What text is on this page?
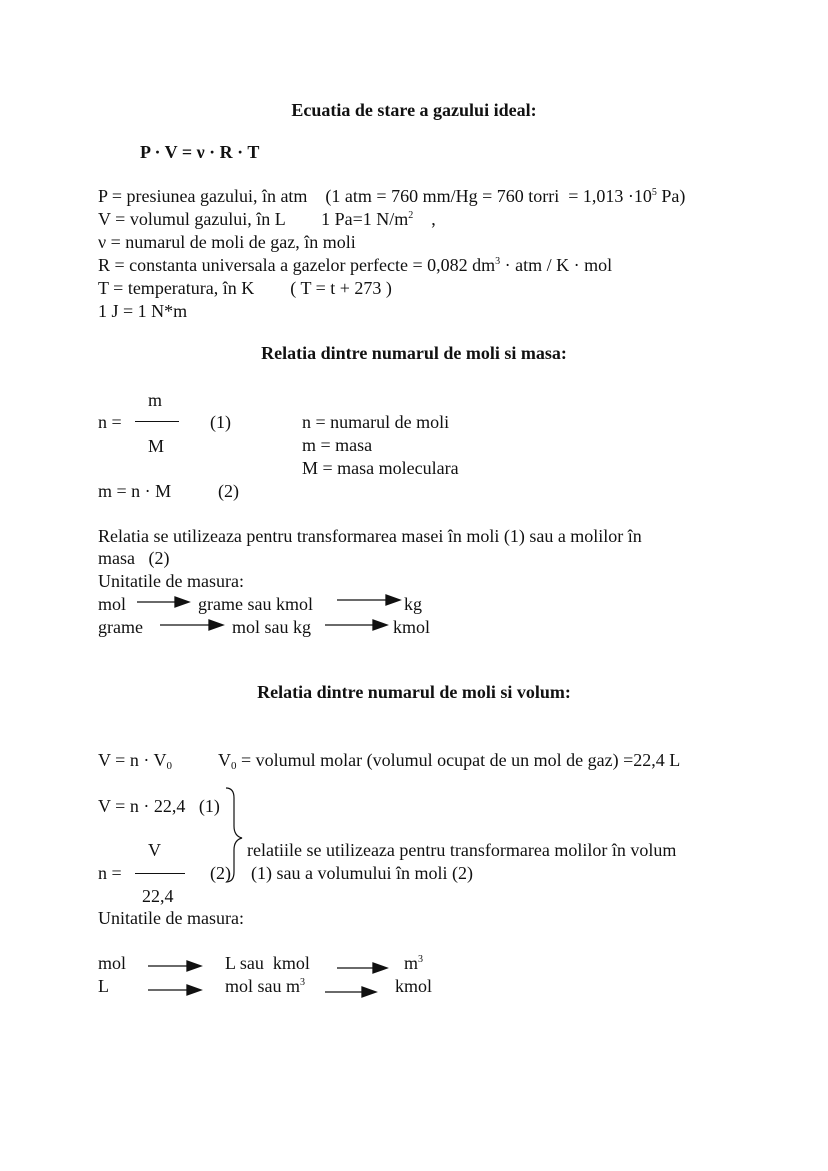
Ecuatia de stare a gazului ideal:
P · V = ν · R · T
P = presiunea gazului, în atm    (1 atm = 760 mm/Hg = 760 torri  = $1,013 \cdot 10^5$ Pa)
V = volumul gazului, în L        1 Pa=1 $N/m^2$    ,
ν = numarul de moli de gaz, în moli
R = constanta universala a gazelor perfecte = 0,082 $dm^3$ · atm / K · mol
T = temperatura, în K        ( T = t + 273 )
1 J = 1 N*m
Relatia dintre numarul de moli si masa:
m
n =
M
(1)	n = numarul de moli
m = masa
M = masa moleculara
m = n · M	(2)
Relatia se utilizeaza pentru transformarea masei în moli (1) sau a molilor în
masa   (2)
Unitatile de masura:
mol	grame sau kmol	kg
grame	mol sau kg	kmol
Relatia dintre numarul de moli si volum:
$V = n \cdot V_0$	$V_0$ = volumul molar (volumul ocupat de un mol de gaz) =22,4 L
V = n · 22,4   (1)
V
n =	(2)
22,4
relatiile se utilizeaza pentru transformarea molilor în volum
(1) sau a volumului în moli (2)
Unitatile de masura:
mol	L sau  kmol	$m^3$
L	mol sau $m^3$	kmol
